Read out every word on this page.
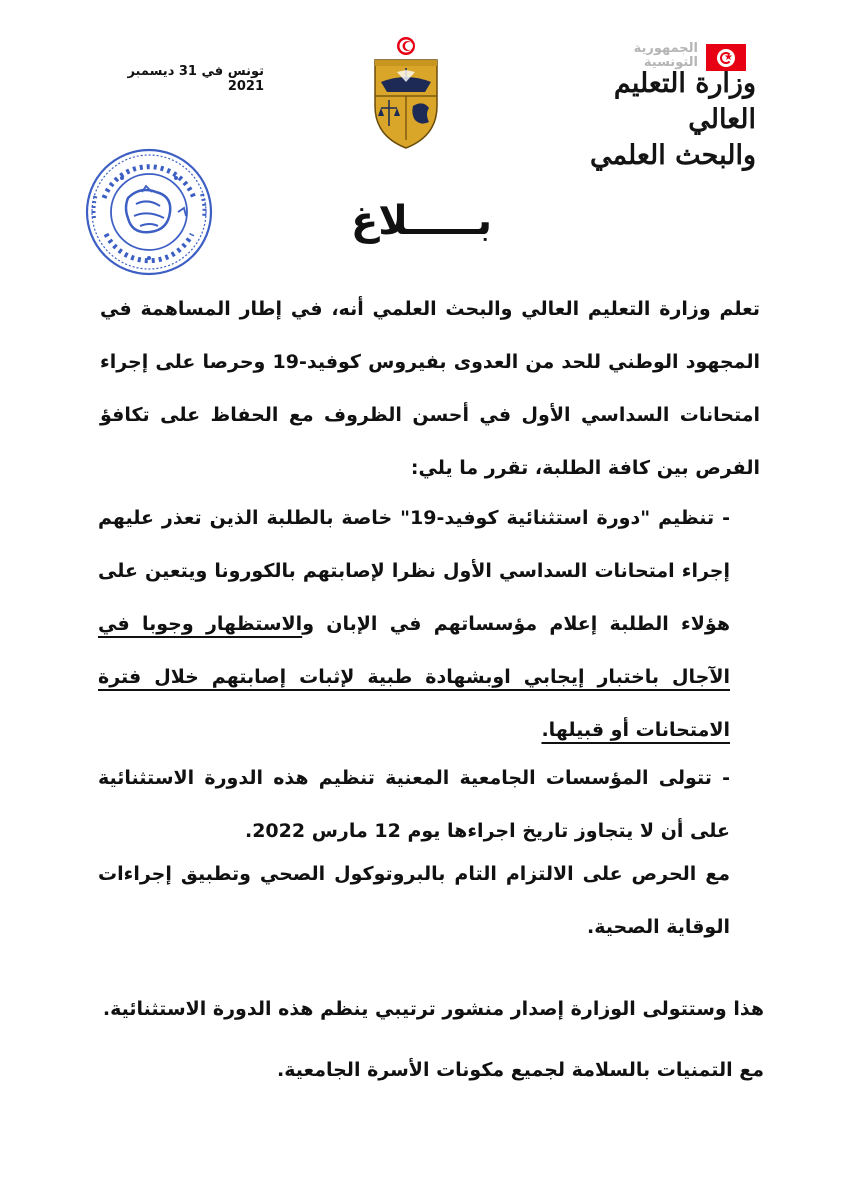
تونس في 31 ديسمبر 2021
الجمهورية التونسية
★
وزارة التعليم العالي
والبحث العلمي
بـــــلاغ
تعلم وزارة التعليم العالي والبحث العلمي أنه، في إطار المساهمة في المجهود الوطني للحد من العدوى بفيروس كوفيد-19 وحرصا على إجراء امتحانات السداسي الأول في أحسن الظروف مع الحفاظ على تكافؤ الفرص بين كافة الطلبة، تقرر ما يلي:
- تنظيم "دورة استثنائية كوفيد-19" خاصة بالطلبة الذين تعذر عليهم إجراء امتحانات السداسي الأول نظرا لإصابتهم بالكورونا ويتعين على هؤلاء الطلبة إعلام مؤسساتهم في الإبان والاستظهار وجوبا في الآجال باختبار إيجابي اوبشهادة طبية لإثبات إصابتهم خلال فترة الامتحانات أو قبيلها.
- تتولى المؤسسات الجامعية المعنية تنظيم هذه الدورة الاستثنائية على أن لا يتجاوز تاريخ اجراءها يوم 12 مارس 2022.
مع الحرص على الالتزام التام بالبروتوكول الصحي وتطبيق إجراءات الوقاية الصحية.
هذا وستتولى الوزارة إصدار منشور ترتيبي ينظم هذه الدورة الاستثنائية.
مع التمنيات بالسلامة لجميع مكونات الأسرة الجامعية.
